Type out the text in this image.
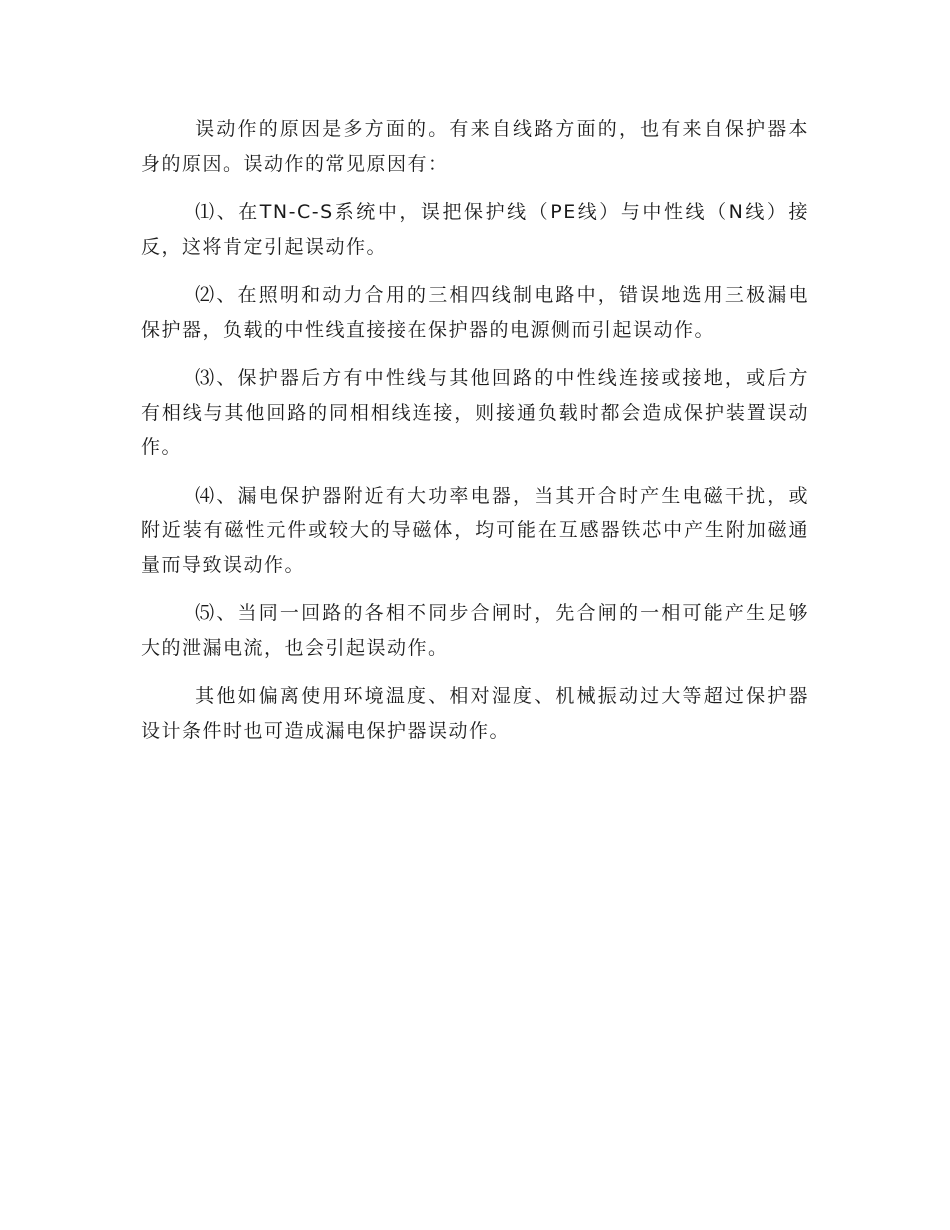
误动作的原因是多方面的。有来自线路方面的，也有来自保护器本身的原因。误动作的常见原因有：

⑴、在TN-C-S系统中，误把保护线（PE线）与中性线（N线）接反，这将肯定引起误动作。

⑵、在照明和动力合用的三相四线制电路中，错误地选用三极漏电保护器，负载的中性线直接接在保护器的电源侧而引起误动作。

⑶、保护器后方有中性线与其他回路的中性线连接或接地，或后方有相线与其他回路的同相相线连接，则接通负载时都会造成保护装置误动作。

⑷、漏电保护器附近有大功率电器，当其开合时产生电磁干扰，或附近装有磁性元件或较大的导磁体，均可能在互感器铁芯中产生附加磁通量而导致误动作。

⑸、当同一回路的各相不同步合闸时，先合闸的一相可能产生足够大的泄漏电流，也会引起误动作。

其他如偏离使用环境温度、相对湿度、机械振动过大等超过保护器设计条件时也可造成漏电保护器误动作。
